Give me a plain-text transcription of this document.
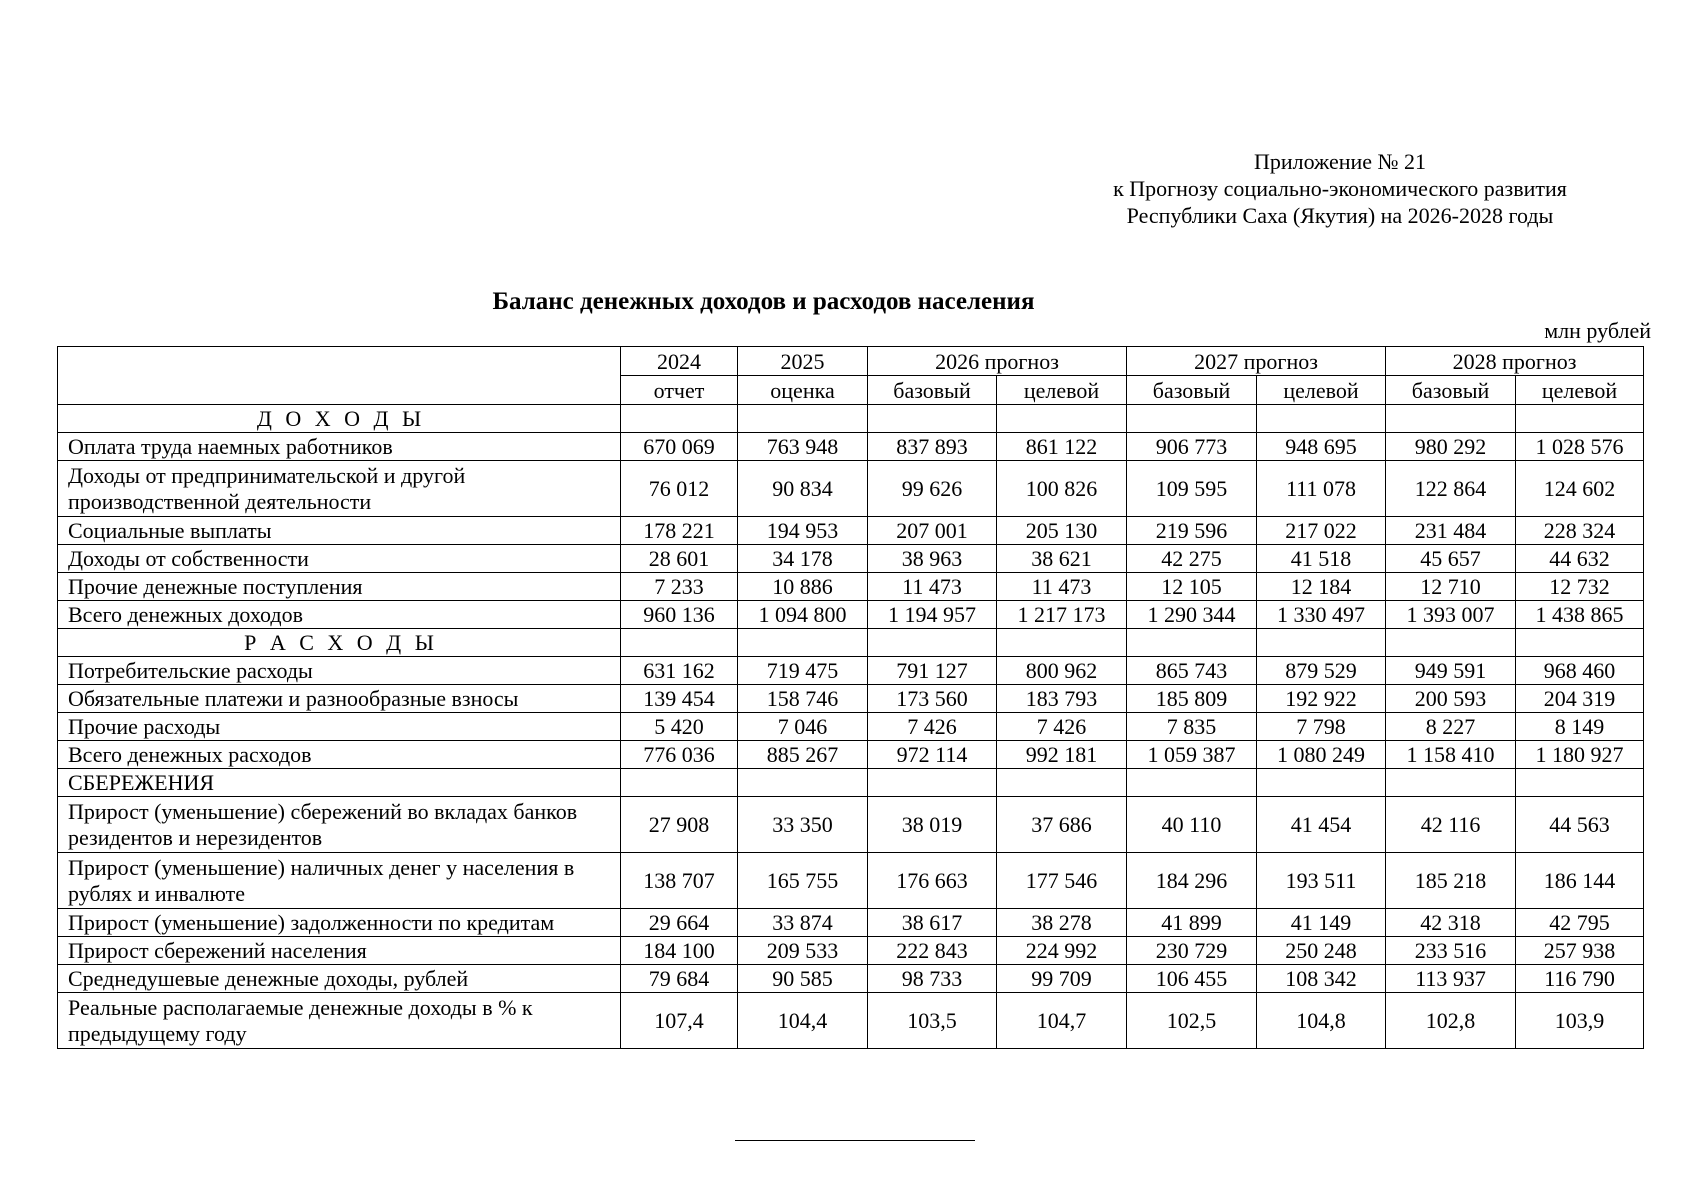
Приложение № 21
к Прогнозу социально-экономического развития
Республики Саха (Якутия) на 2026-2028 годы
Баланс денежных доходов и расходов населения
млн рублей
	2024	2025	2026 прогноз		2027 прогноз		2028 прогноз	
	отчет	оценка	базовый	целевой	базовый	целевой	базовый	целевой
Д О Х О Д Ы								
Оплата труда наемных работников	670 069	763 948	837 893	861 122	906 773	948 695	980 292	1 028 576
Доходы от предпринимательской и другой производственной деятельности	76 012	90 834	99 626	100 826	109 595	111 078	122 864	124 602
Социальные выплаты	178 221	194 953	207 001	205 130	219 596	217 022	231 484	228 324
Доходы от собственности	28 601	34 178	38 963	38 621	42 275	41 518	45 657	44 632
Прочие денежные поступления	7 233	10 886	11 473	11 473	12 105	12 184	12 710	12 732
Всего денежных доходов	960 136	1 094 800	1 194 957	1 217 173	1 290 344	1 330 497	1 393 007	1 438 865
Р А С Х О Д Ы								
Потребительские расходы	631 162	719 475	791 127	800 962	865 743	879 529	949 591	968 460
Обязательные платежи и разнообразные взносы	139 454	158 746	173 560	183 793	185 809	192 922	200 593	204 319
Прочие расходы	5 420	7 046	7 426	7 426	7 835	7 798	8 227	8 149
Всего денежных расходов	776 036	885 267	972 114	992 181	1 059 387	1 080 249	1 158 410	1 180 927
СБЕРЕЖЕНИЯ								
Прирост (уменьшение) сбережений во вкладах банков резидентов и нерезидентов	27 908	33 350	38 019	37 686	40 110	41 454	42 116	44 563
Прирост (уменьшение) наличных денег у населения в рублях и инвалюте	138 707	165 755	176 663	177 546	184 296	193 511	185 218	186 144
Прирост (уменьшение) задолженности по кредитам	29 664	33 874	38 617	38 278	41 899	41 149	42 318	42 795
Прирост сбережений населения	184 100	209 533	222 843	224 992	230 729	250 248	233 516	257 938
Среднедушевые денежные доходы, рублей	79 684	90 585	98 733	99 709	106 455	108 342	113 937	116 790
Реальные располагаемые денежные доходы в % к предыдущему году	107,4	104,4	103,5	104,7	102,5	104,8	102,8	103,9
